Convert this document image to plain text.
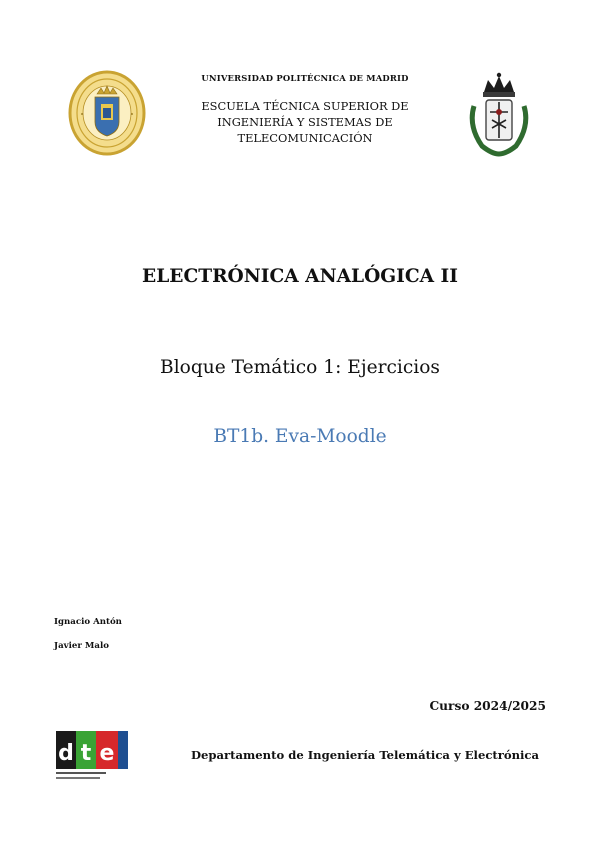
UNIVERSIDAD POLITÉCNICA DE MADRID
ESCUELA TÉCNICA SUPERIOR DE
INGENIERÍA Y SISTEMAS DE
TELECOMUNICACIÓN
ELECTRÓNICA ANALÓGICA II
Bloque Temático 1: Ejercicios
BT1b. Eva-Moodle
Ignacio Antón
Javier Malo
Curso 2024/2025
d t e	Departamento de Ingeniería Telemática y Electrónica
